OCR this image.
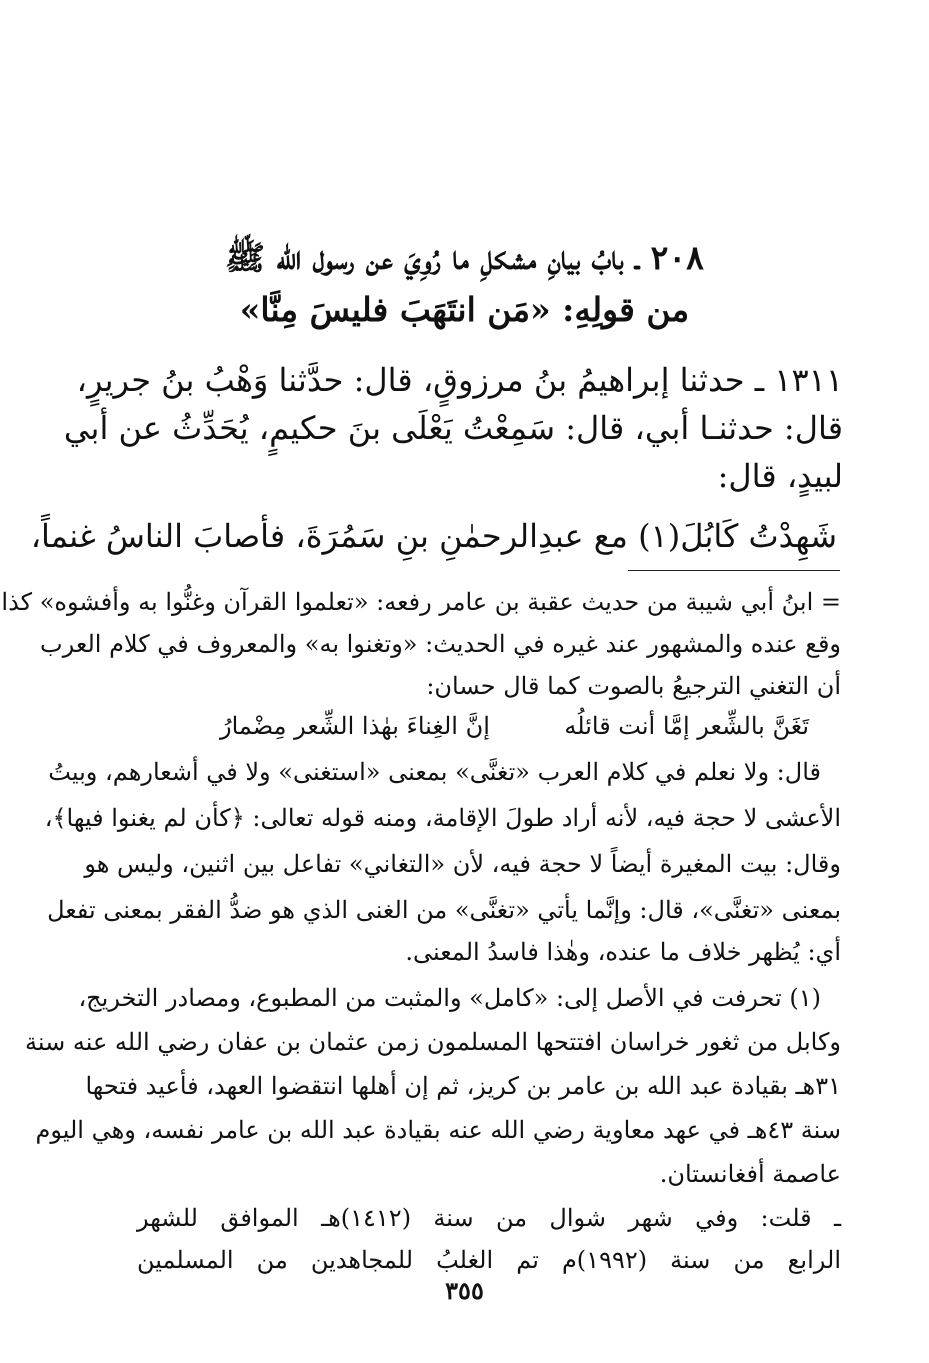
٢٠٨ ـ بابُ بيانِ مشكلِ ما رُوِيَ عن رسول الله ﷺ
من قولِهِ: «مَن انتَهَبَ فليسَ مِنَّا»
١٣١١ ـ حدثنا إبراهيمُ بنُ مرزوقٍ، قال: حدَّثنا وَهْبُ بنُ جريرٍ،
قال: حدثنـا أبي، قال: سَمِعْتُ يَعْلَى بنَ حكيمٍ، يُحَدِّثُ عن أبي
لبيدٍ، قال:
شَهِدْتُ كَابُلَ(١) مع عبدِالرحمٰنِ بنِ سَمُرَةَ، فأصابَ الناسُ غنماً،
= ابنُ أبي شيبة من حديث عقبة بن عامر رفعه: «تعلموا القرآن وغنُّوا به وأفشوه» كذا
وقع عنده والمشهور عند غيره في الحديث: «وتغنوا به» والمعروف في كلام العرب
أن التغني الترجيعُ بالصوت كما قال حسان:
تَغَنَّ بالشِّعر إمَّا أنت قائلُه
إنَّ الغِناءَ بهٰذا الشِّعر مِضْمارُ
قال: ولا نعلم في كلام العرب «تغنَّى» بمعنى «استغنى» ولا في أشعارهم، وبيتُ
الأعشى لا حجة فيه، لأنه أراد طولَ الإقامة، ومنه قوله تعالى: ﴿كأن لم يغنوا فيها﴾،
وقال: بيت المغيرة أيضاً لا حجة فيه، لأن «التغاني» تفاعل بين اثنين، وليس هو
بمعنى «تغنَّى»، قال: وإنَّما يأتي «تغنَّى» من الغنى الذي هو ضدُّ الفقر بمعنى تفعل
أي: يُظهر خلاف ما عنده، وهٰذا فاسدُ المعنى.
(١) تحرفت في الأصل إلى: «كامل» والمثبت من المطبوع، ومصادر التخريج،
وكابل من ثغور خراسان افتتحها المسلمون زمن عثمان بن عفان رضي الله عنه سنة
٣١هـ بقيادة عبد الله بن عامر بن كريز، ثم إن أهلها انتقضوا العهد، فأعيد فتحها
سنة ٤٣هـ في عهد معاوية رضي الله عنه بقيادة عبد الله بن عامر نفسه، وهي اليوم
عاصمة أفغانستان.
ـ قلت: وفي شهر شوال من سنة (١٤١٢)هـ الموافق للشهر
الرابع من سنة (١٩٩٢)م تم الغلبُ للمجاهدين من المسلمين
٣٥٥
